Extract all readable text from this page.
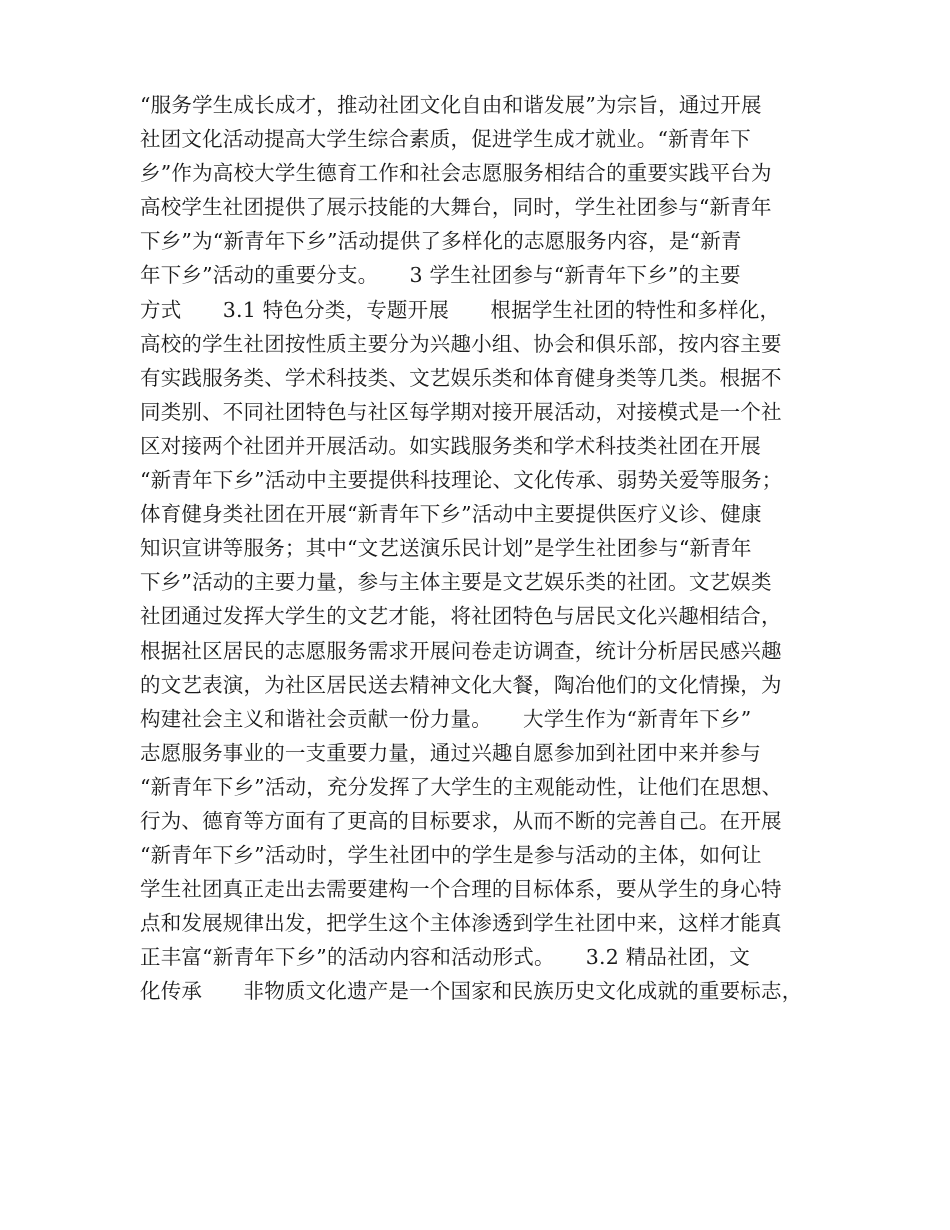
“服务学生成长成才，推动社团文化自由和谐发展”为宗旨，通过开展
社团文化活动提高大学生综合素质，促进学生成才就业。“新青年下
乡”作为高校大学生德育工作和社会志愿服务相结合的重要实践平台为
高校学生社团提供了展示技能的大舞台，同时，学生社团参与“新青年
下乡”为“新青年下乡”活动提供了多样化的志愿服务内容，是“新青
年下乡”活动的重要分支。　　3 学生社团参与“新青年下乡”的主要
方式　　3.1 特色分类，专题开展　　根据学生社团的特性和多样化，
高校的学生社团按性质主要分为兴趣小组、协会和俱乐部，按内容主要
有实践服务类、学术科技类、文艺娱乐类和体育健身类等几类。根据不
同类别、不同社团特色与社区每学期对接开展活动，对接模式是一个社
区对接两个社团并开展活动。如实践服务类和学术科技类社团在开展
“新青年下乡”活动中主要提供科技理论、文化传承、弱势关爱等服务；
体育健身类社团在开展“新青年下乡”活动中主要提供医疗义诊、健康
知识宣讲等服务；其中“文艺送演乐民计划”是学生社团参与“新青年
下乡”活动的主要力量，参与主体主要是文艺娱乐类的社团。文艺娱类
社团通过发挥大学生的文艺才能，将社团特色与居民文化兴趣相结合，
根据社区居民的志愿服务需求开展问卷走访调查，统计分析居民感兴趣
的文艺表演，为社区居民送去精神文化大餐，陶冶他们的文化情操，为
构建社会主义和谐社会贡献一份力量。　　大学生作为“新青年下乡”
志愿服务事业的一支重要力量，通过兴趣自愿参加到社团中来并参与
“新青年下乡”活动，充分发挥了大学生的主观能动性，让他们在思想、
行为、德育等方面有了更高的目标要求，从而不断的完善自己。在开展
“新青年下乡”活动时，学生社团中的学生是参与活动的主体，如何让
学生社团真正走出去需要建构一个合理的目标体系，要从学生的身心特
点和发展规律出发，把学生这个主体渗透到学生社团中来，这样才能真
正丰富“新青年下乡”的活动内容和活动形式。　　3.2 精品社团，文
化传承　　非物质文化遗产是一个国家和民族历史文化成就的重要标志，
